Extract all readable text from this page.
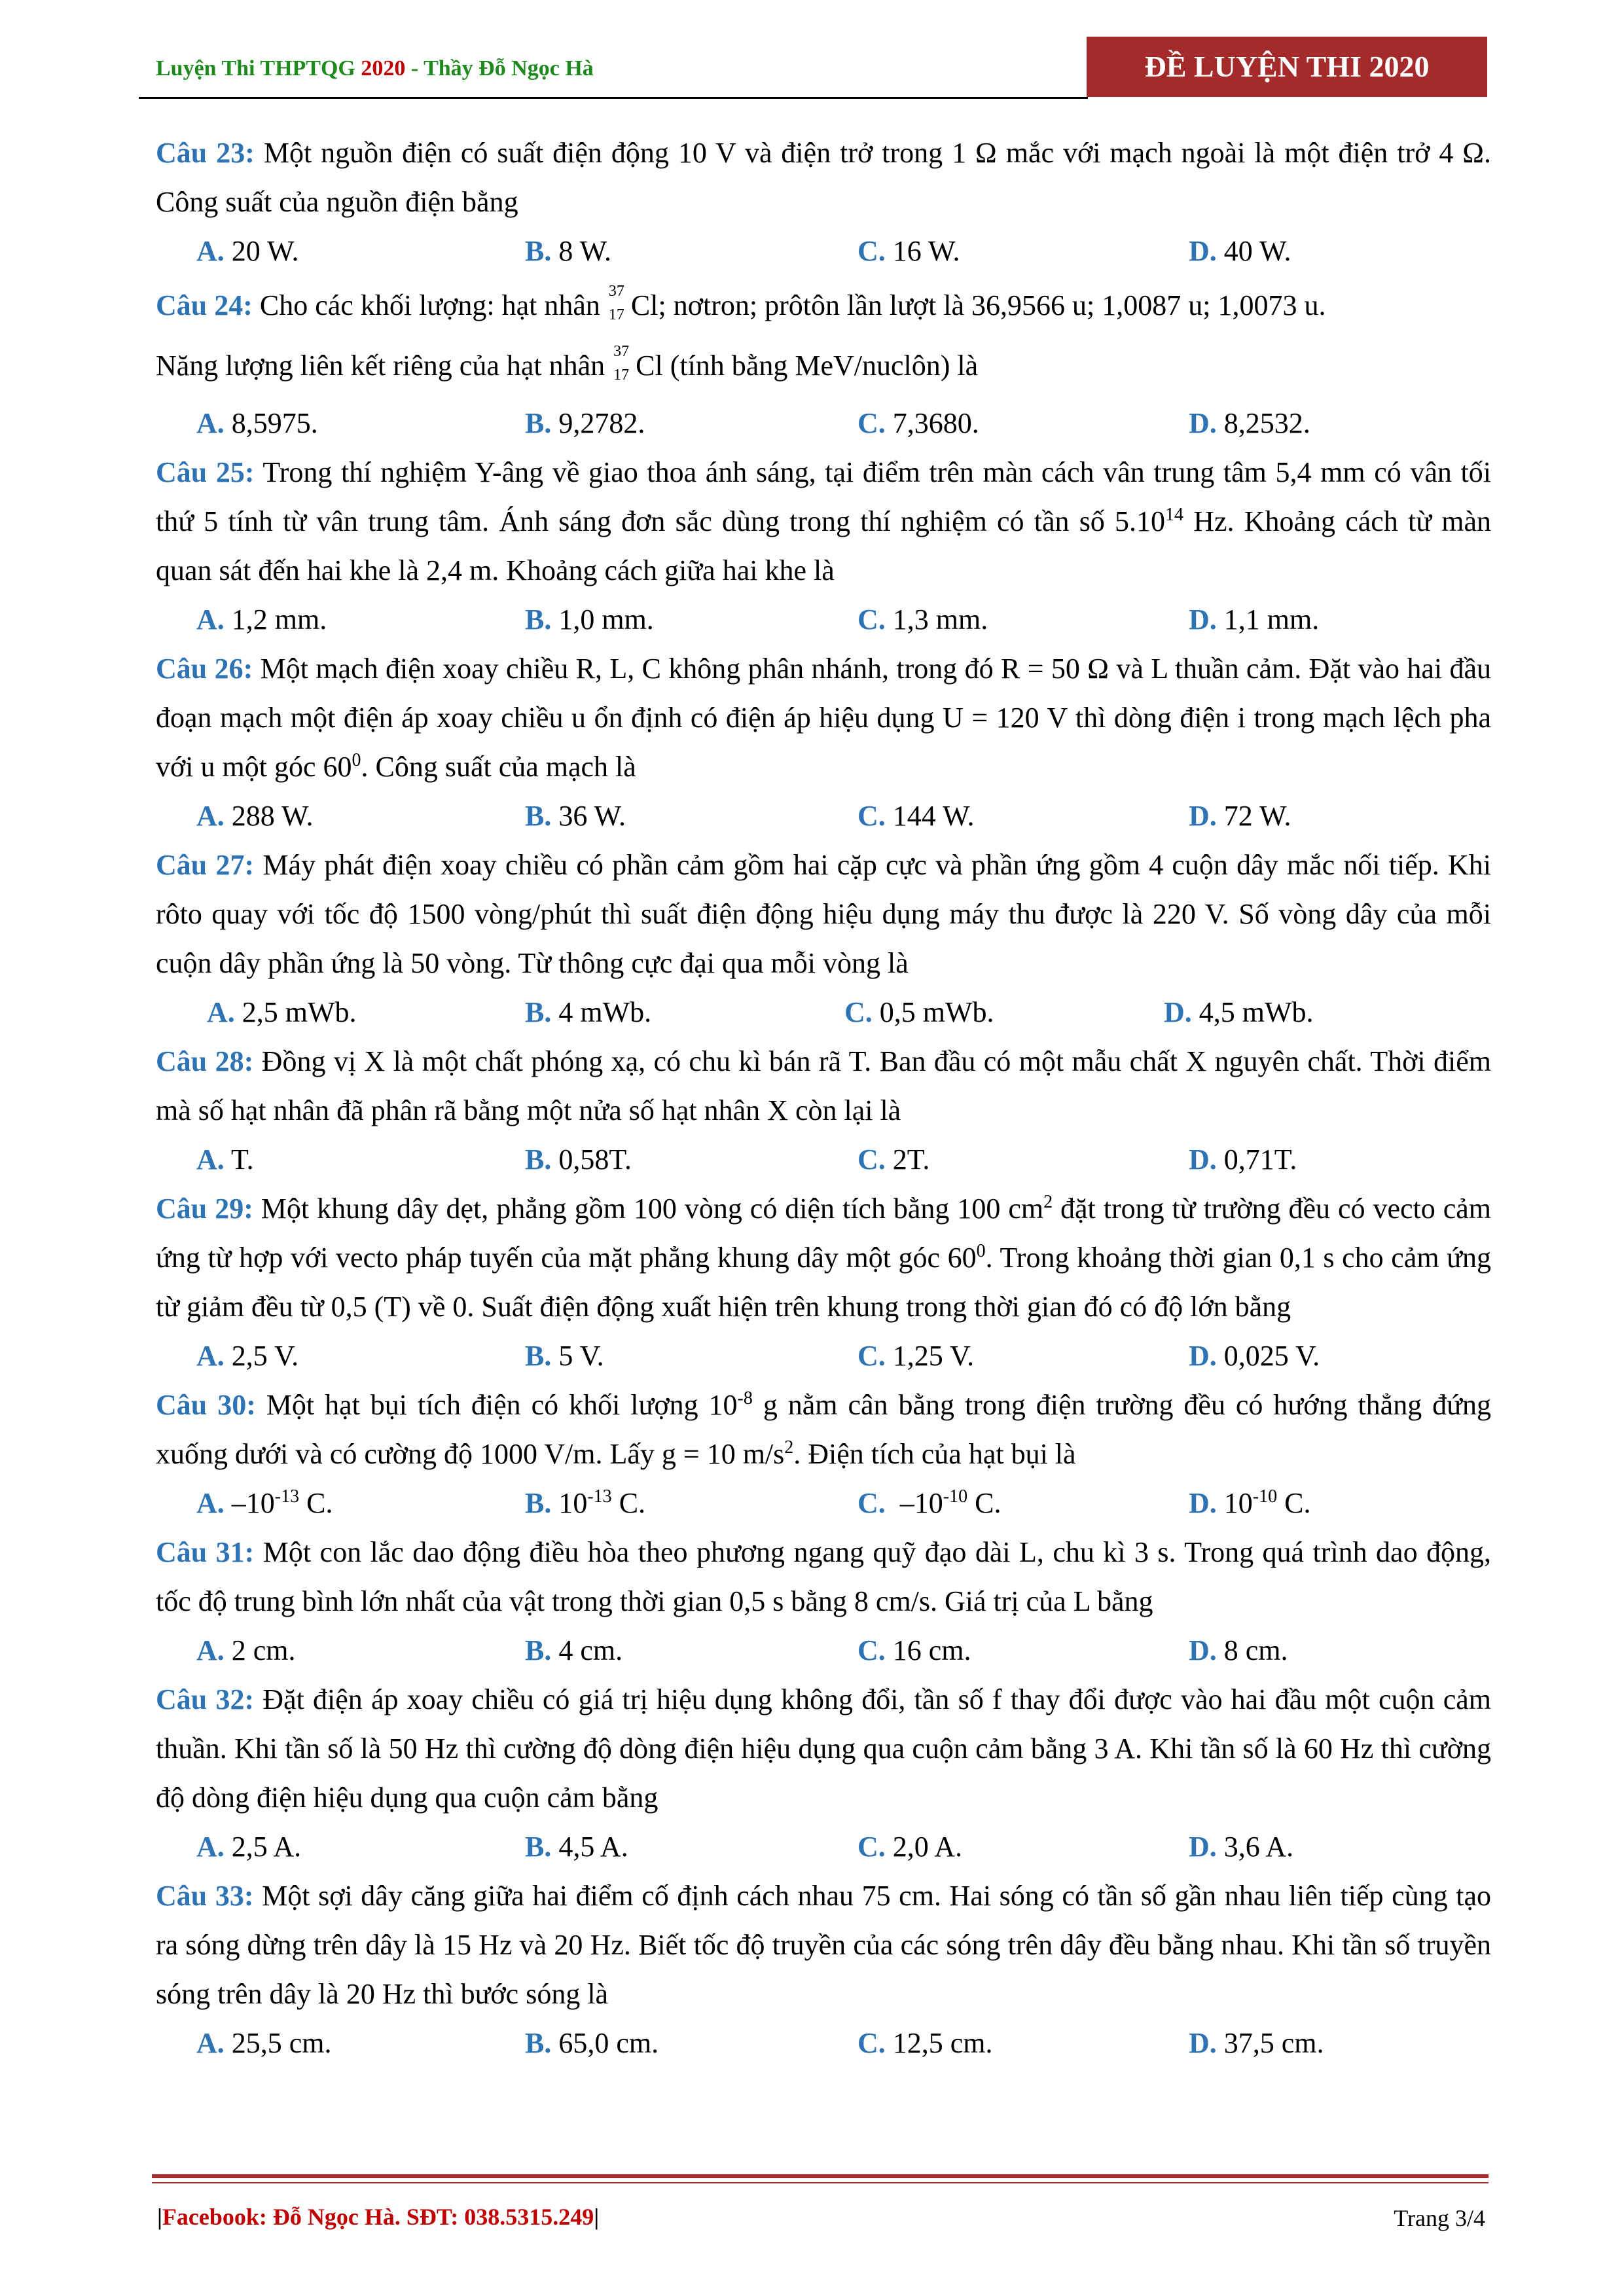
Luyện Thi THPTQG 2020 - Thầy Đỗ Ngọc Hà	ĐỀ LUYỆN THI 2020
Câu 23: Một nguồn điện có suất điện động 10 V và điện trở trong 1 Ω mắc với mạch ngoài là một điện trở 4 Ω. Công suất của nguồn điện bằng
A. 20 W.	B. 8 W.	C. 16 W.	D. 40 W.
Câu 24: Cho các khối lượng: hạt nhân 37
17 Cl; nơtron; prôtôn lần lượt là 36,9566 u; 1,0087 u; 1,0073 u.
Năng lượng liên kết riêng của hạt nhân 37
17 Cl (tính bằng MeV/nuclôn) là
A. 8,5975.	B. 9,2782.	C. 7,3680.	D. 8,2532.
Câu 25: Trong thí nghiệm Y-âng về giao thoa ánh sáng, tại điểm trên màn cách vân trung tâm 5,4 mm có vân tối thứ 5 tính từ vân trung tâm. Ánh sáng đơn sắc dùng trong thí nghiệm có tần số 5.10$^{14}$ Hz. Khoảng cách từ màn quan sát đến hai khe là 2,4 m. Khoảng cách giữa hai khe là
A. 1,2 mm.	B. 1,0 mm.	C. 1,3 mm.	D. 1,1 mm.
Câu 26: Một mạch điện xoay chiều R, L, C không phân nhánh, trong đó R = 50 Ω và L thuần cảm. Đặt vào hai đầu đoạn mạch một điện áp xoay chiều u ổn định có điện áp hiệu dụng U = 120 V thì dòng điện i trong mạch lệch pha với u một góc $60^0$. Công suất của mạch là
A. 288 W.	B. 36 W.	C. 144 W.	D. 72 W.
Câu 27: Máy phát điện xoay chiều có phần cảm gồm hai cặp cực và phần ứng gồm 4 cuộn dây mắc nối tiếp. Khi rôto quay với tốc độ 1500 vòng/phút thì suất điện động hiệu dụng máy thu được là 220 V. Số vòng dây của mỗi cuộn dây phần ứng là 50 vòng. Từ thông cực đại qua mỗi vòng là
A. 2,5 mWb.	B. 4 mWb.	C. 0,5 mWb.	D. 4,5 mWb.
Câu 28: Đồng vị X là một chất phóng xạ, có chu kì bán rã T. Ban đầu có một mẫu chất X nguyên chất. Thời điểm mà số hạt nhân đã phân rã bằng một nửa số hạt nhân X còn lại là
A. T.	B. 0,58T.	C. 2T.	D. 0,71T.
Câu 29: Một khung dây dẹt, phẳng gồm 100 vòng có diện tích bằng 100 $cm^2$ đặt trong từ trường đều có vecto cảm ứng từ hợp với vecto pháp tuyến của mặt phẳng khung dây một góc $60^0$. Trong khoảng thời gian 0,1 s cho cảm ứng từ giảm đều từ 0,5 (T) về 0. Suất điện động xuất hiện trên khung trong thời gian đó có độ lớn bằng
A. 2,5 V.	B. 5 V.	C. 1,25 V.	D. 0,025 V.
Câu 30: Một hạt bụi tích điện có khối lượng $10^{-8}$ g nằm cân bằng trong điện trường đều có hướng thẳng đứng xuống dưới và có cường độ 1000 V/m. Lấy g = 10 $m/s^2$. Điện tích của hạt bụi là
A. $-10^{-13}$ C.	B. $10^{-13}$ C.	C.  $-10^{-10}$ C.	D. $10^{-10}$ C.
Câu 31: Một con lắc dao động điều hòa theo phương ngang quỹ đạo dài L, chu kì 3 s. Trong quá trình dao động, tốc độ trung bình lớn nhất của vật trong thời gian 0,5 s bằng 8 cm/s. Giá trị của L bằng
A. 2 cm.	B. 4 cm.	C. 16 cm.	D. 8 cm.
Câu 32: Đặt điện áp xoay chiều có giá trị hiệu dụng không đổi, tần số f thay đổi được vào hai đầu một cuộn cảm thuần. Khi tần số là 50 Hz thì cường độ dòng điện hiệu dụng qua cuộn cảm bằng 3 A. Khi tần số là 60 Hz thì cường độ dòng điện hiệu dụng qua cuộn cảm bằng
A. 2,5 A.	B. 4,5 A.	C. 2,0 A.	D. 3,6 A.
Câu 33: Một sợi dây căng giữa hai điểm cố định cách nhau 75 cm. Hai sóng có tần số gần nhau liên tiếp cùng tạo ra sóng dừng trên dây là 15 Hz và 20 Hz. Biết tốc độ truyền của các sóng trên dây đều bằng nhau. Khi tần số truyền sóng trên dây là 20 Hz thì bước sóng là
A. 25,5 cm.	B. 65,0 cm.	C. 12,5 cm.	D. 37,5 cm.
|Facebook: Đỗ Ngọc Hà. SĐT: 038.5315.249|	Trang 3/4
